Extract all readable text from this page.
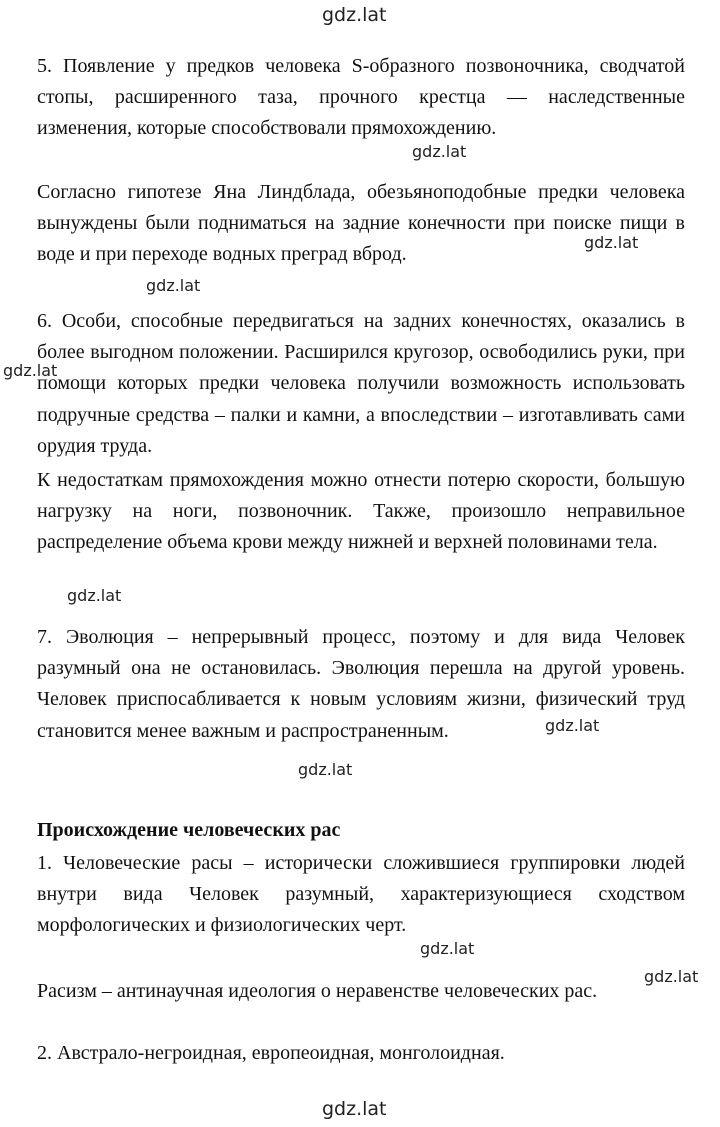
5. Появление у предков человека S-образного позвоночника, сводчатой стопы, расширенного таза, прочного крестца — наследственные изменения, которые способствовали прямохождению.
Согласно гипотезе Яна Линдблада, обезьяноподобные предки человека вынуждены были подниматься на задние конечности при поиске пищи в воде и при переходе водных преград вброд.
6. Особи, способные передвигаться на задних конечностях, оказались в более выгодном положении. Расширился кругозор, освободились руки, при помощи которых предки человека получили возможность использовать подручные средства – палки и камни, а впоследствии – изготавливать сами орудия труда.
К недостаткам прямохождения можно отнести потерю скорости, большую нагрузку на ноги, позвоночник. Также, произошло неправильное распределение объема крови между нижней и верхней половинами тела.
7. Эволюция – непрерывный процесс, поэтому и для вида Человек разумный она не остановилась. Эволюция перешла на другой уровень. Человек приспосабливается к новым условиям жизни, физический труд становится менее важным и распространенным.
Происхождение человеческих рас
1. Человеческие расы – исторически сложившиеся группировки людей внутри вида Человек разумный, характеризующиеся сходством морфологических и физиологических черт.
Расизм – антинаучная идеология о неравенстве человеческих рас.
2. Австрало-негроидная, европеоидная, монголоидная.
gdz.lat
gdz.lat
gdz.lat
gdz.lat
gdz.lat
gdz.lat
gdz.lat
gdz.lat
gdz.lat
gdz.lat
gdz.lat
